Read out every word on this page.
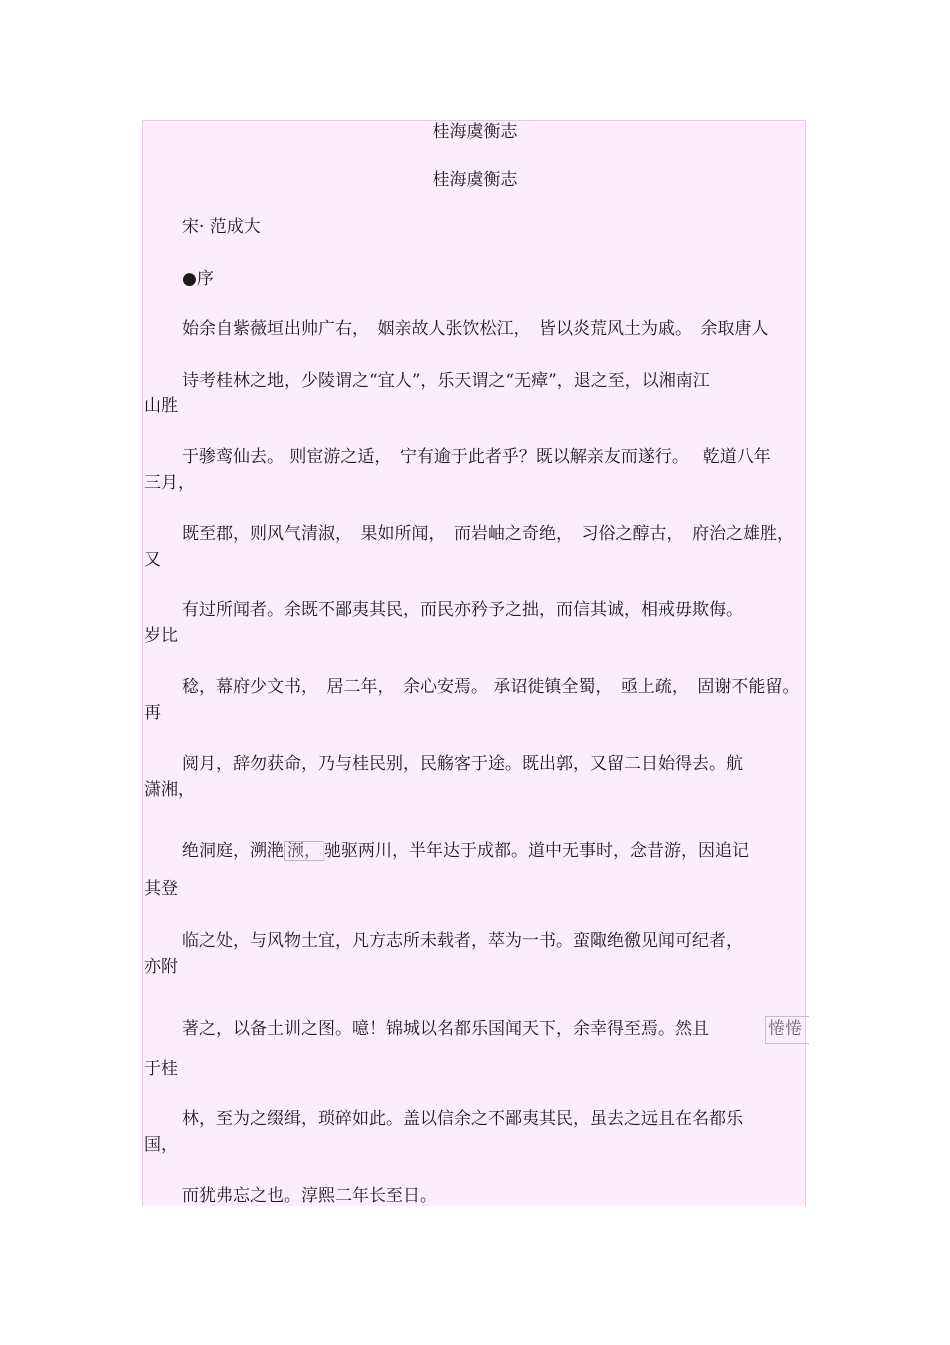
桂海虞衡志
桂海虞衡志
宋· 范成大
●序
始余自紫薇垣出帅广右，　姻亲故人张饮松江，　皆以炎荒风土为戚。　余取唐人
诗考桂林之地，少陵谓之“宜人”，乐天谓之“无瘴”，退之至，以湘南江
山胜
于骖鸾仙去。 则宦游之适，　宁有逾于此者乎？既以解亲友而遂行。　 乾道八年
三月，
既至郡，则风气清淑，　果如所闻，　而岩岫之奇绝，　习俗之醇古，　府治之雄胜，
又
有过所闻者。余既不鄙夷其民，而民亦矜予之拙，而信其诚，相戒毋欺侮。
岁比
稔，幕府少文书，　居二年，　余心安焉。 承诏徙镇全蜀，　亟上疏，　固谢不能留。
再
阅月，辞勿获命，乃与桂民别，民觞客于途。既出郭，又留二日始得去。航
潇湘，
绝洞庭，溯滟 滪， 驰驱两川，半年达于成都。道中无事时，念昔游，因追记
其登
临之处，与风物土宜，凡方志所未载者，萃为一书。蛮陬绝徼见闻可纪者，
亦附
著之，以备土训之图。噫！锦城以名都乐国闻天下，余幸得至焉。然且	惓惓
于桂
林，至为之缀缉，琐碎如此。盖以信余之不鄙夷其民，虽去之远且在名都乐
国，
而犹弗忘之也。淳熙二年长至日。
